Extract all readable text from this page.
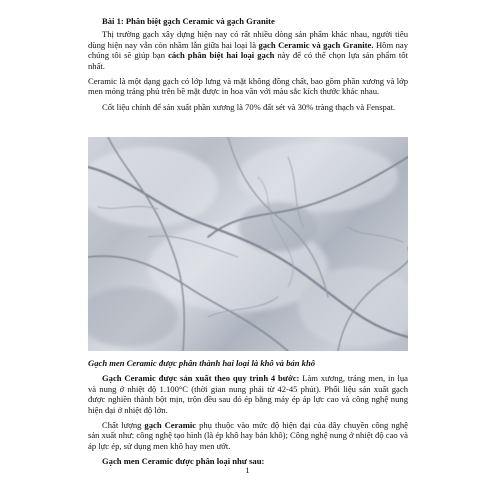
Bài 1: Phân biệt gạch Ceramic và gạch Granite

Thị trường gạch xây dựng hiện nay có rất nhiều dòng sản phẩm khác nhau, người tiêu dùng hiện nay vẫn còn nhầm lẫn giữa hai loại là gạch Ceramic và gạch Granite. Hôm nay chúng tôi sẽ giúp bạn cách phân biệt hai loại gạch này để có thể chọn lựa sản phẩm tốt nhất.

Ceramic là một dạng gạch có lớp lưng và mặt không đồng chất, bao gồm phần xương và lớp men mỏng tráng phủ trên bề mặt được in hoa văn với màu sắc kích thước khác nhau.

Cốt liệu chính để sản xuất phần xương là 70% đất sét và 30% tràng thạch và Fenspat.

Gạch men Ceramic được phân thành hai loại là khô và bán khô

Gạch Ceramic được sản xuất theo quy trình 4 bước: Làm xương, tráng men, in lụa và nung ở nhiệt độ 1.100°C (thời gian nung phải từ 42-45 phút). Phối liệu sản xuất gạch được nghiền thành bột mịn, trộn đều sau đó ép bằng máy ép áp lực cao và công nghệ nung hiện đại ở nhiệt độ lớn.

Chất lượng gạch Ceramic phụ thuộc vào mức độ hiện đại của dây chuyền công nghệ sản xuất như: công nghệ tạo hình (là ép khô hay bán khô); Công nghệ nung ở nhiệt độ cao và áp lực ép, sử dụng men khô hay men ướt.

Gạch men Ceramic được phân loại như sau:

1
